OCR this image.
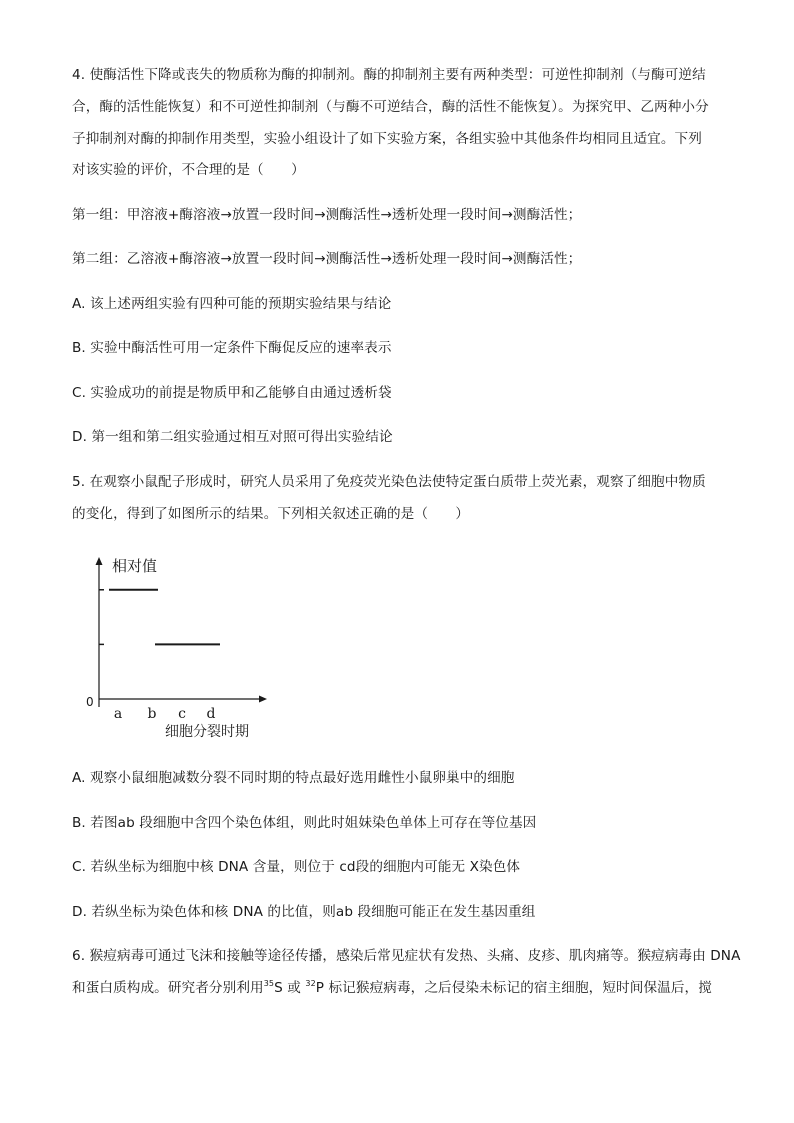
4. 使酶活性下降或丧失的物质称为酶的抑制剂。酶的抑制剂主要有两种类型：可逆性抑制剂（与酶可逆结
合，酶的活性能恢复）和不可逆性抑制剂（与酶不可逆结合，酶的活性不能恢复）。为探究甲、乙两种小分
子抑制剂对酶的抑制作用类型，实验小组设计了如下实验方案，各组实验中其他条件均相同且适宜。下列
对该实验的评价，不合理的是（　　）
第一组：甲溶液+酶溶液→放置一段时间→测酶活性→透析处理一段时间→测酶活性；
第二组：乙溶液+酶溶液→放置一段时间→测酶活性→透析处理一段时间→测酶活性；
A. 该上述两组实验有四种可能的预期实验结果与结论
B. 实验中酶活性可用一定条件下酶促反应的速率表示
C. 实验成功的前提是物质甲和乙能够自由通过透析袋
D. 第一组和第二组实验通过相互对照可得出实验结论
5. 在观察小鼠配子形成时，研究人员采用了免疫荧光染色法使特定蛋白质带上荧光素，观察了细胞中物质
的变化，得到了如图所示的结果。下列相关叙述正确的是（　　）
相对值
0
细胞分裂时期
a b c d
A. 观察小鼠细胞减数分裂不同时期的特点最好选用雌性小鼠卵巢中的细胞
B. 若图ab 段细胞中含四个染色体组，则此时姐妹染色单体上可存在等位基因
C. 若纵坐标为细胞中核 DNA 含量，则位于 cd段的细胞内可能无 X染色体
D. 若纵坐标为染色体和核 DNA 的比值，则ab 段细胞可能正在发生基因重组
6. 猴痘病毒可通过飞沫和接触等途径传播，感染后常见症状有发热、头痛、皮疹、肌肉痛等。猴痘病毒由 DNA
和蛋白质构成。研究者分别利用$^{35}$S 或 $^{32}$P 标记猴痘病毒，之后侵染未标记的宿主细胞，短时间保温后，搅
